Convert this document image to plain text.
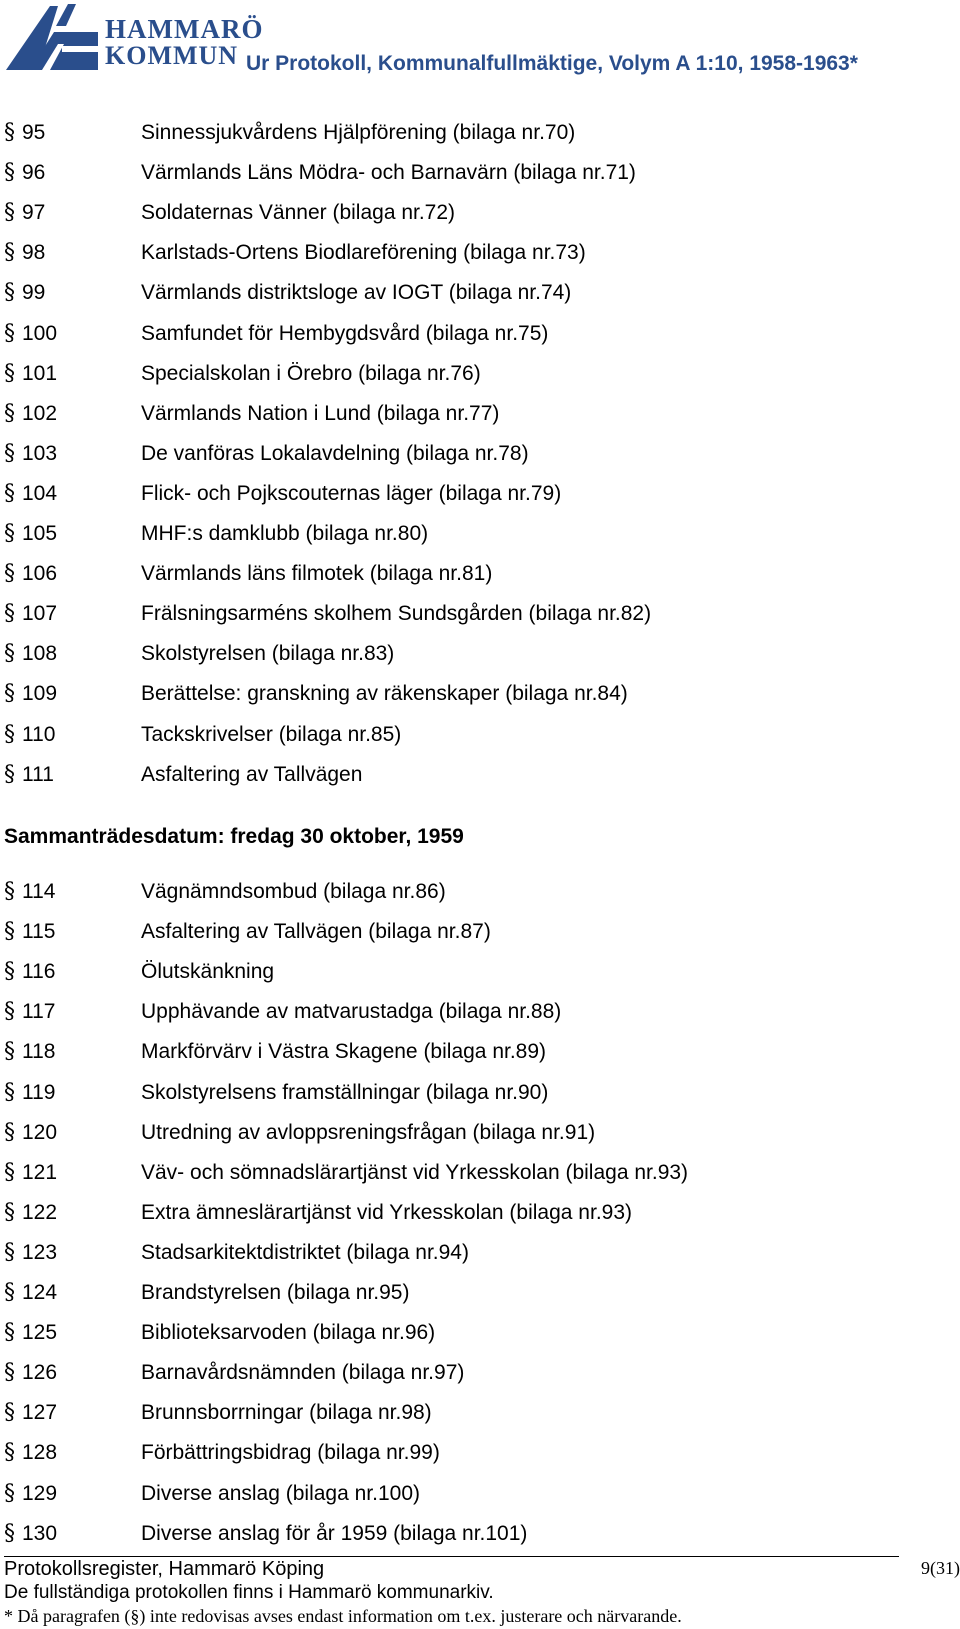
HAMMARÖ
KOMMUN Ur Protokoll, Kommunalfullmäktige, Volym A 1:10, 1958-1963*
§ 95	Sinnessjukvårdens Hjälpförening (bilaga nr.70)
§ 96	Värmlands Läns Mödra- och Barnavärn (bilaga nr.71)
§ 97	Soldaternas Vänner (bilaga nr.72)
§ 98	Karlstads-Ortens Biodlareförening (bilaga nr.73)
§ 99	Värmlands distriktsloge av IOGT (bilaga nr.74)
§ 100	Samfundet för Hembygdsvård (bilaga nr.75)
§ 101	Specialskolan i Örebro (bilaga nr.76)
§ 102	Värmlands Nation i Lund (bilaga nr.77)
§ 103	De vanföras Lokalavdelning (bilaga nr.78)
§ 104	Flick- och Pojkscouternas läger (bilaga nr.79)
§ 105	MHF:s damklubb (bilaga nr.80)
§ 106	Värmlands läns filmotek (bilaga nr.81)
§ 107	Frälsningsarméns skolhem Sundsgården (bilaga nr.82)
§ 108	Skolstyrelsen (bilaga nr.83)
§ 109	Berättelse: granskning av räkenskaper (bilaga nr.84)
§ 110	Tackskrivelser (bilaga nr.85)
§ 111	Asfaltering av Tallvägen
Sammanträdesdatum: fredag 30 oktober, 1959
§ 114	Vägnämndsombud (bilaga nr.86)
§ 115	Asfaltering av Tallvägen (bilaga nr.87)
§ 116	Ölutskänkning
§ 117	Upphävande av matvarustadga (bilaga nr.88)
§ 118	Markförvärv i Västra Skagene (bilaga nr.89)
§ 119	Skolstyrelsens framställningar (bilaga nr.90)
§ 120	Utredning av avloppsreningsfrågan (bilaga nr.91)
§ 121	Väv- och sömnadslärartjänst vid Yrkesskolan (bilaga nr.93)
§ 122	Extra ämneslärartjänst vid Yrkesskolan (bilaga nr.93)
§ 123	Stadsarkitektdistriktet (bilaga nr.94)
§ 124	Brandstyrelsen (bilaga nr.95)
§ 125	Biblioteksarvoden (bilaga nr.96)
§ 126	Barnavårdsnämnden (bilaga nr.97)
§ 127	Brunnsborrningar (bilaga nr.98)
§ 128	Förbättringsbidrag (bilaga nr.99)
§ 129	Diverse anslag (bilaga nr.100)
§ 130	Diverse anslag för år 1959 (bilaga nr.101)
Protokollsregister, Hammarö Köping
De fullständiga protokollen finns i Hammarö kommunarkiv.
* Då paragrafen (§) inte redovisas avses endast information om t.ex. justerare och närvarande.
9(31)
